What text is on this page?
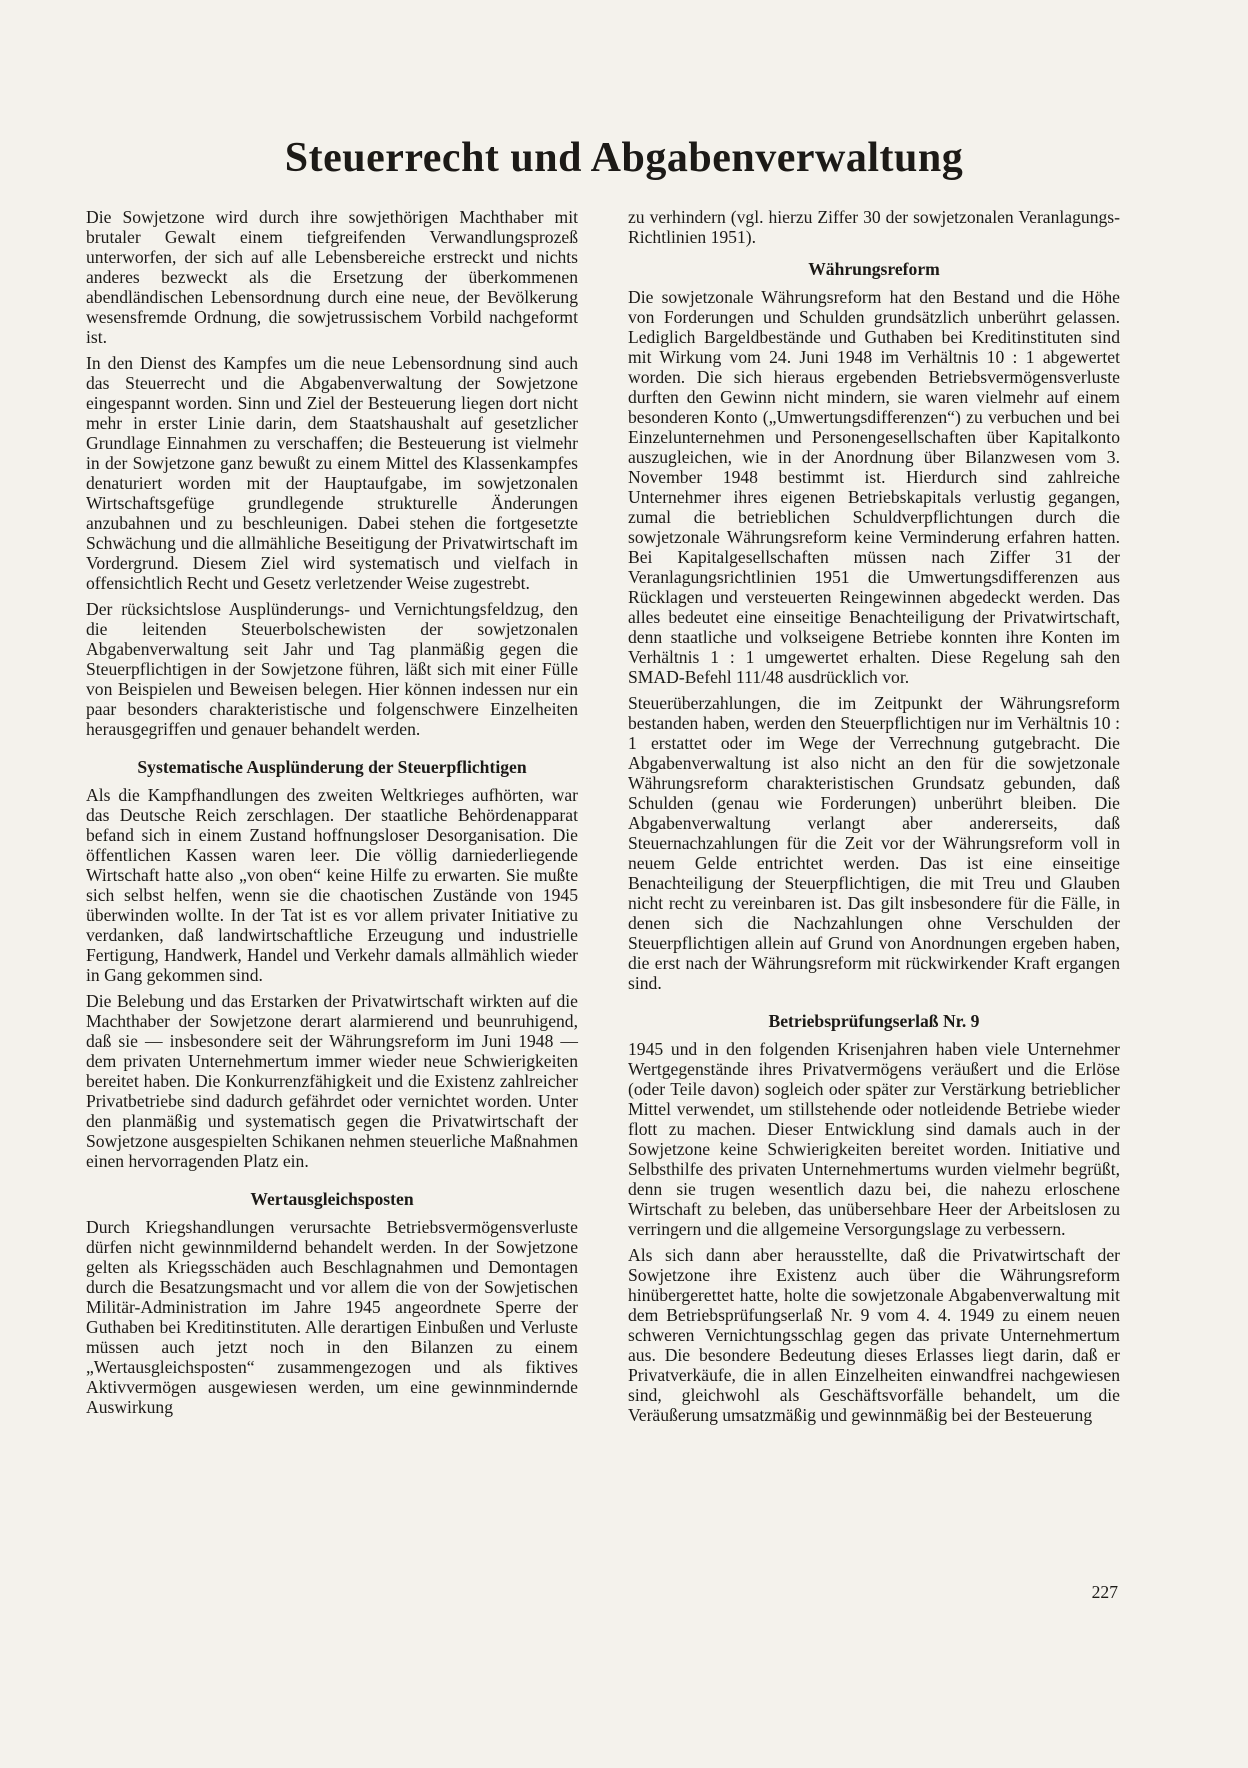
Steuerrecht und Abgabenverwaltung

Die Sowjetzone wird durch ihre sowjethörigen Machthaber mit brutaler Gewalt einem tiefgreifenden Verwandlungsprozeß unterworfen, der sich auf alle Lebensbereiche erstreckt und nichts anderes bezweckt als die Ersetzung der überkommenen abendländischen Lebensordnung durch eine neue, der Bevölkerung wesensfremde Ordnung, die sowjetrussischem Vorbild nachgeformt ist.

In den Dienst des Kampfes um die neue Lebensordnung sind auch das Steuerrecht und die Abgabenverwaltung der Sowjetzone eingespannt worden. Sinn und Ziel der Besteuerung liegen dort nicht mehr in erster Linie darin, dem Staatshaushalt auf gesetzlicher Grundlage Einnahmen zu verschaffen; die Besteuerung ist vielmehr in der Sowjetzone ganz bewußt zu einem Mittel des Klassenkampfes denaturiert worden mit der Hauptaufgabe, im sowjetzonalen Wirtschaftsgefüge grundlegende strukturelle Änderungen anzubahnen und zu beschleunigen. Dabei stehen die fortgesetzte Schwächung und die allmähliche Beseitigung der Privatwirtschaft im Vordergrund. Diesem Ziel wird systematisch und vielfach in offensichtlich Recht und Gesetz verletzender Weise zugestrebt.

Der rücksichtslose Ausplünderungs- und Vernichtungsfeldzug, den die leitenden Steuerbolschewisten der sowjetzonalen Abgabenverwaltung seit Jahr und Tag planmäßig gegen die Steuerpflichtigen in der Sowjetzone führen, läßt sich mit einer Fülle von Beispielen und Beweisen belegen. Hier können indessen nur ein paar besonders charakteristische und folgenschwere Einzelheiten herausgegriffen und genauer behandelt werden.

Systematische Ausplünderung der Steuerpflichtigen

Als die Kampfhandlungen des zweiten Weltkrieges aufhörten, war das Deutsche Reich zerschlagen. Der staatliche Behördenapparat befand sich in einem Zustand hoffnungsloser Desorganisation. Die öffentlichen Kassen waren leer. Die völlig darniederliegende Wirtschaft hatte also „von oben“ keine Hilfe zu erwarten. Sie mußte sich selbst helfen, wenn sie die chaotischen Zustände von 1945 überwinden wollte. In der Tat ist es vor allem privater Initiative zu verdanken, daß landwirtschaftliche Erzeugung und industrielle Fertigung, Handwerk, Handel und Verkehr damals allmählich wieder in Gang gekommen sind.

Die Belebung und das Erstarken der Privatwirtschaft wirkten auf die Machthaber der Sowjetzone derart alarmierend und beunruhigend, daß sie — insbesondere seit der Währungsreform im Juni 1948 — dem privaten Unternehmertum immer wieder neue Schwierigkeiten bereitet haben. Die Konkurrenzfähigkeit und die Existenz zahlreicher Privatbetriebe sind dadurch gefährdet oder vernichtet worden. Unter den planmäßig und systematisch gegen die Privatwirtschaft der Sowjetzone ausgespielten Schikanen nehmen steuerliche Maßnahmen einen hervorragenden Platz ein.

Wertausgleichsposten

Durch Kriegshandlungen verursachte Betriebsvermögensverluste dürfen nicht gewinnmildernd behandelt werden. In der Sowjetzone gelten als Kriegsschäden auch Beschlagnahmen und Demontagen durch die Besatzungsmacht und vor allem die von der Sowjetischen Militär-Administration im Jahre 1945 angeordnete Sperre der Guthaben bei Kreditinstituten. Alle derartigen Einbußen und Verluste müssen auch jetzt noch in den Bilanzen zu einem „Wertausgleichsposten“ zusammengezogen und als fiktives Aktivvermögen ausgewiesen werden, um eine gewinnmindernde Auswirkung

zu verhindern (vgl. hierzu Ziffer 30 der sowjetzonalen Veranlagungs-Richtlinien 1951).

Währungsreform

Die sowjetzonale Währungsreform hat den Bestand und die Höhe von Forderungen und Schulden grundsätzlich unberührt gelassen. Lediglich Bargeldbestände und Guthaben bei Kreditinstituten sind mit Wirkung vom 24. Juni 1948 im Verhältnis 10 : 1 abgewertet worden. Die sich hieraus ergebenden Betriebsvermögensverluste durften den Gewinn nicht mindern, sie waren vielmehr auf einem besonderen Konto („Umwertungsdifferenzen“) zu verbuchen und bei Einzelunternehmen und Personengesellschaften über Kapitalkonto auszugleichen, wie in der Anordnung über Bilanzwesen vom 3. November 1948 bestimmt ist. Hierdurch sind zahlreiche Unternehmer ihres eigenen Betriebskapitals verlustig gegangen, zumal die betrieblichen Schuldverpflichtungen durch die sowjetzonale Währungsreform keine Verminderung erfahren hatten. Bei Kapitalgesellschaften müssen nach Ziffer 31 der Veranlagungsrichtlinien 1951 die Umwertungsdifferenzen aus Rücklagen und versteuerten Reingewinnen abgedeckt werden. Das alles bedeutet eine einseitige Benachteiligung der Privatwirtschaft, denn staatliche und volkseigene Betriebe konnten ihre Konten im Verhältnis 1 : 1 umgewertet erhalten. Diese Regelung sah den SMAD-Befehl 111/48 ausdrücklich vor.

Steuerüberzahlungen, die im Zeitpunkt der Währungsreform bestanden haben, werden den Steuerpflichtigen nur im Verhältnis 10 : 1 erstattet oder im Wege der Verrechnung gutgebracht. Die Abgabenverwaltung ist also nicht an den für die sowjetzonale Währungsreform charakteristischen Grundsatz gebunden, daß Schulden (genau wie Forderungen) unberührt bleiben. Die Abgabenverwaltung verlangt aber andererseits, daß Steuernachzahlungen für die Zeit vor der Währungsreform voll in neuem Gelde entrichtet werden. Das ist eine einseitige Benachteiligung der Steuerpflichtigen, die mit Treu und Glauben nicht recht zu vereinbaren ist. Das gilt insbesondere für die Fälle, in denen sich die Nachzahlungen ohne Verschulden der Steuerpflichtigen allein auf Grund von Anordnungen ergeben haben, die erst nach der Währungsreform mit rückwirkender Kraft ergangen sind.

Betriebsprüfungserlaß Nr. 9

1945 und in den folgenden Krisenjahren haben viele Unternehmer Wertgegenstände ihres Privatvermögens veräußert und die Erlöse (oder Teile davon) sogleich oder später zur Verstärkung betrieblicher Mittel verwendet, um stillstehende oder notleidende Betriebe wieder flott zu machen. Dieser Entwicklung sind damals auch in der Sowjetzone keine Schwierigkeiten bereitet worden. Initiative und Selbsthilfe des privaten Unternehmertums wurden vielmehr begrüßt, denn sie trugen wesentlich dazu bei, die nahezu erloschene Wirtschaft zu beleben, das unübersehbare Heer der Arbeitslosen zu verringern und die allgemeine Versorgungslage zu verbessern.

Als sich dann aber herausstellte, daß die Privatwirtschaft der Sowjetzone ihre Existenz auch über die Währungsreform hinübergerettet hatte, holte die sowjetzonale Abgabenverwaltung mit dem Betriebsprüfungserlaß Nr. 9 vom 4. 4. 1949 zu einem neuen schweren Vernichtungsschlag gegen das private Unternehmertum aus. Die besondere Bedeutung dieses Erlasses liegt darin, daß er Privatverkäufe, die in allen Einzelheiten einwandfrei nachgewiesen sind, gleichwohl als Geschäftsvorfälle behandelt, um die Veräußerung umsatzmäßig und gewinnmäßig bei der Besteuerung

227
